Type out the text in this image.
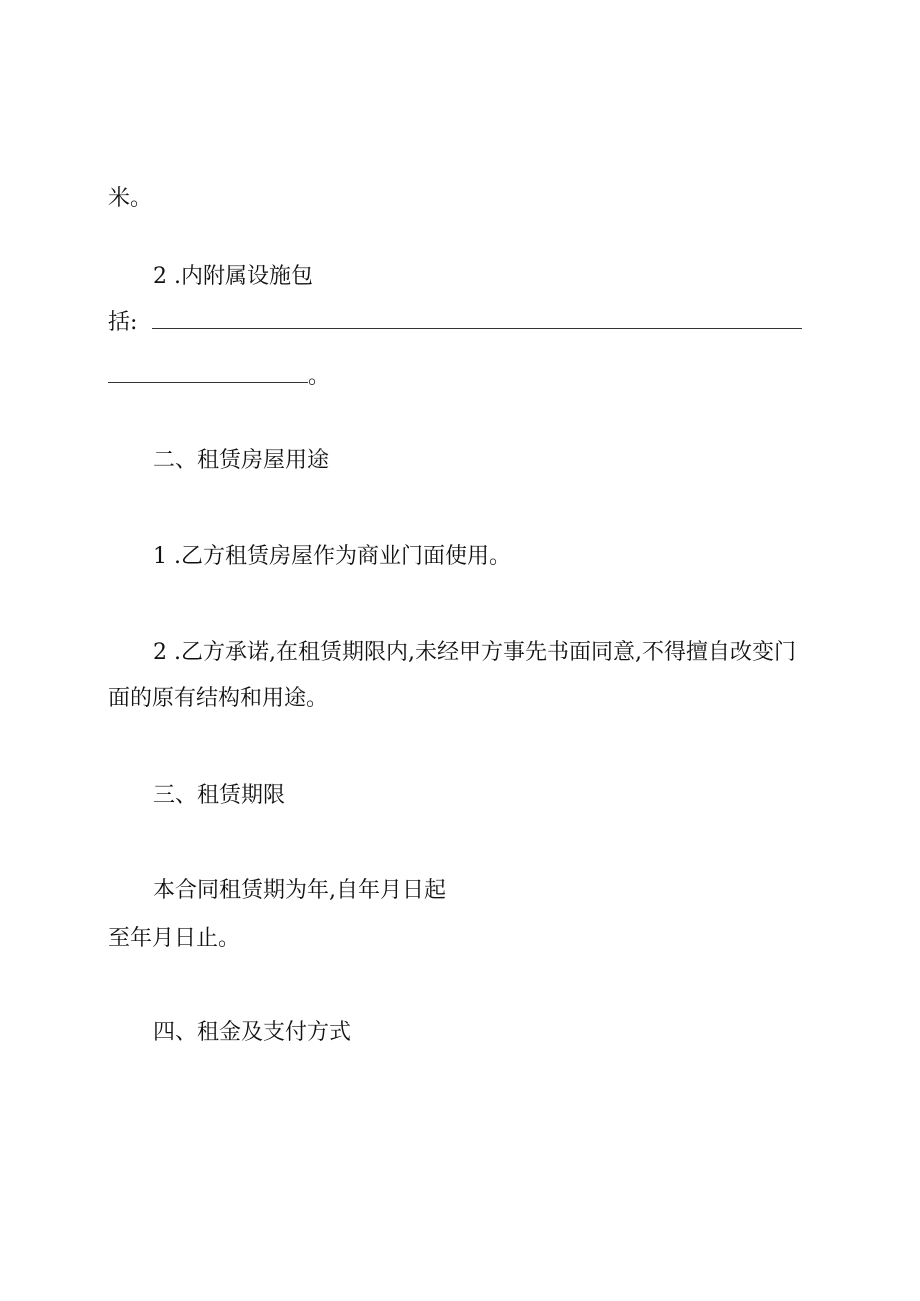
米。
2 .内附属设施包
括:
。
二、租赁房屋用途
1 .乙方租赁房屋作为商业门面使用。
2 .乙方承诺,在租赁期限内,未经甲方事先书面同意,不得擅自改变门
面的原有结构和用途。
三、租赁期限
本合同租赁期为年,自年月日起
至年月日止。
四、租金及支付方式
